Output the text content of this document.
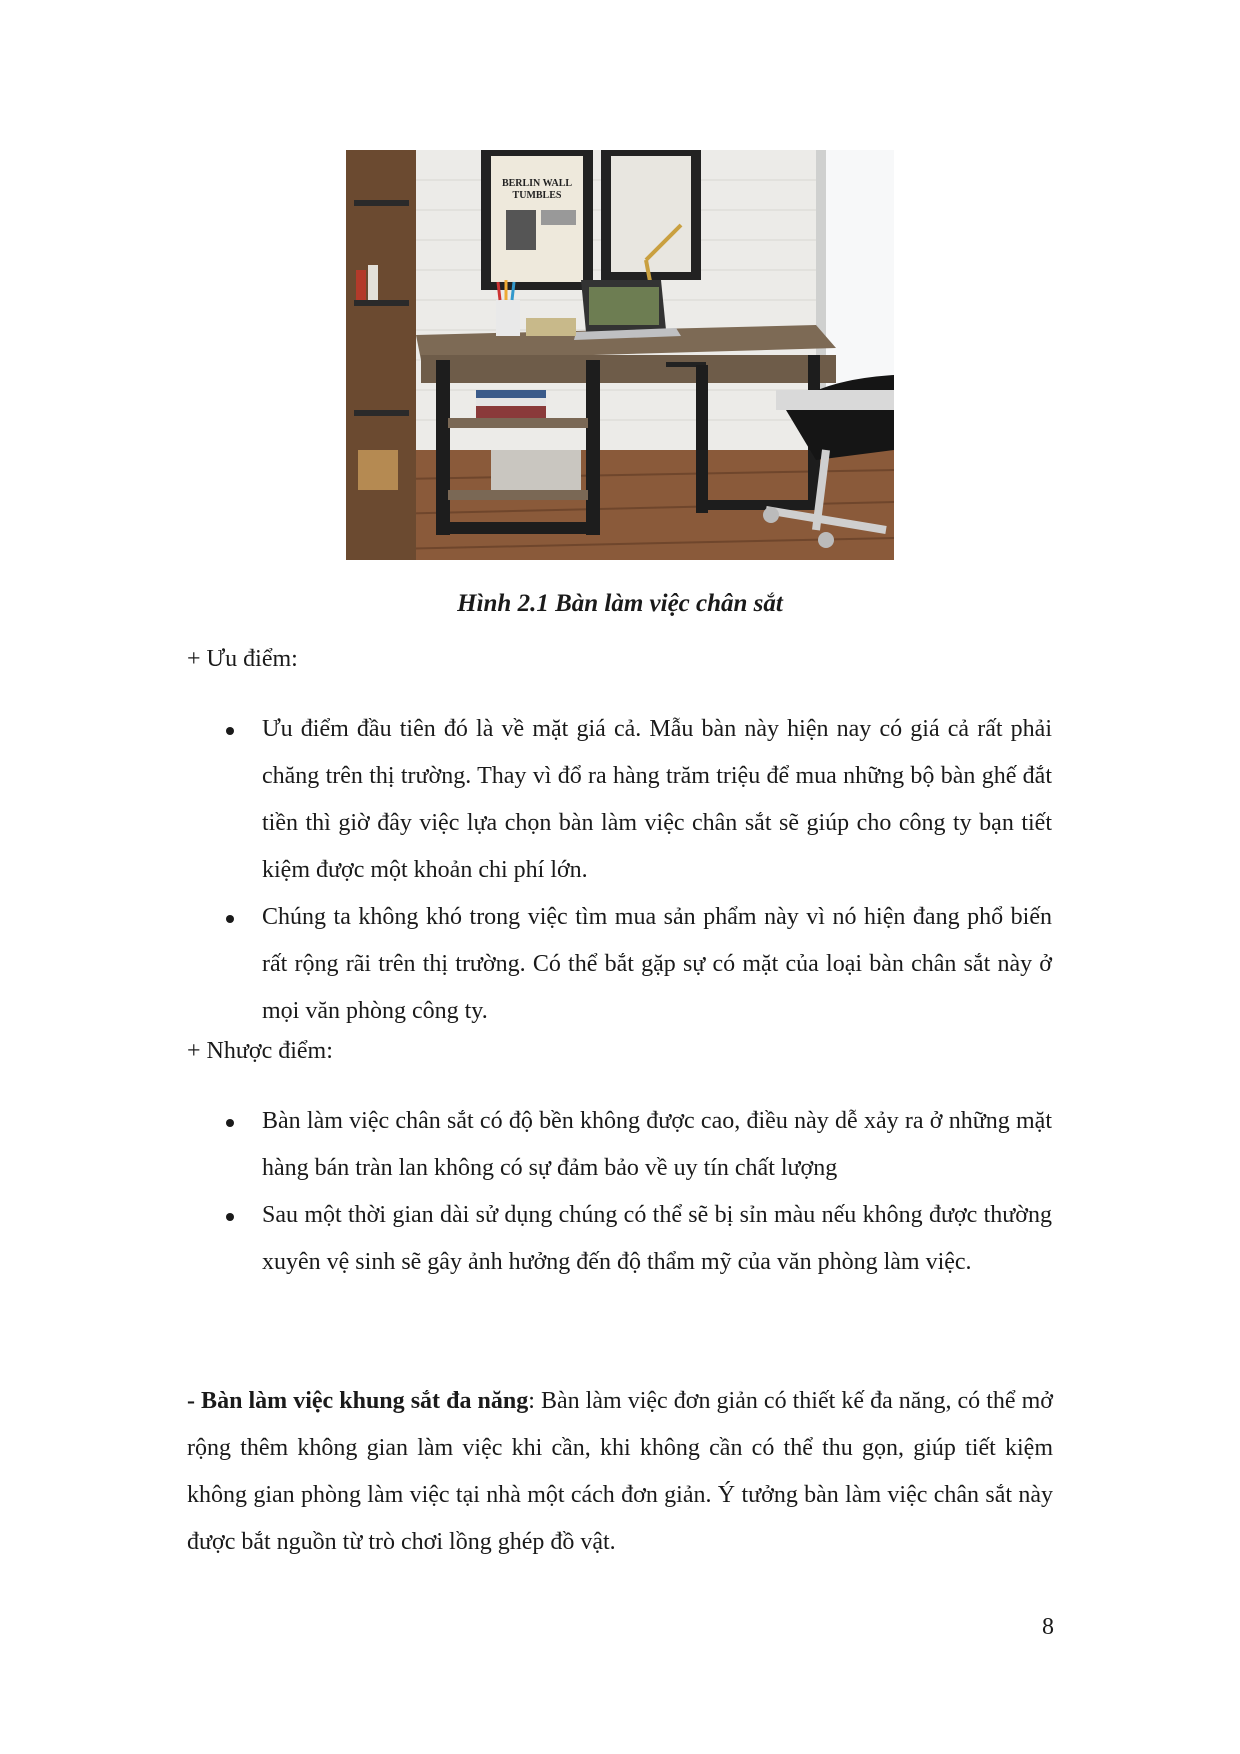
BERLIN WALL
TUMBLES
Hình 2.1 Bàn làm việc chân sắt
+ Ưu điểm:
Ưu điểm đầu tiên đó là về mặt giá cả. Mẫu bàn này hiện nay có giá cả rất phải chăng trên thị trường. Thay vì đổ ra hàng trăm triệu để mua những bộ bàn ghế đắt tiền thì giờ đây việc lựa chọn bàn làm việc chân sắt sẽ giúp cho công ty bạn tiết kiệm được một khoản chi phí lớn.
Chúng ta không khó trong việc tìm mua sản phẩm này vì nó hiện đang phổ biến rất rộng rãi trên thị trường. Có thể bắt gặp sự có mặt của loại bàn chân sắt này ở mọi văn phòng công ty.
+ Nhược điểm:
Bàn làm việc chân sắt có độ bền không được cao, điều này dễ xảy ra ở những mặt hàng bán tràn lan không có sự đảm bảo về uy tín chất lượng
Sau một thời gian dài sử dụng chúng có thể sẽ bị sỉn màu nếu không được thường xuyên vệ sinh sẽ gây ảnh hưởng đến độ thẩm mỹ của văn phòng làm việc.
- Bàn làm việc khung sắt đa năng: Bàn làm việc đơn giản có thiết kế đa năng, có thể mở rộng thêm không gian làm việc khi cần, khi không cần có thể thu gọn, giúp tiết kiệm không gian phòng làm việc tại nhà một cách đơn giản. Ý tưởng bàn làm việc chân sắt này được bắt nguồn từ trò chơi lồng ghép đồ vật.
8
